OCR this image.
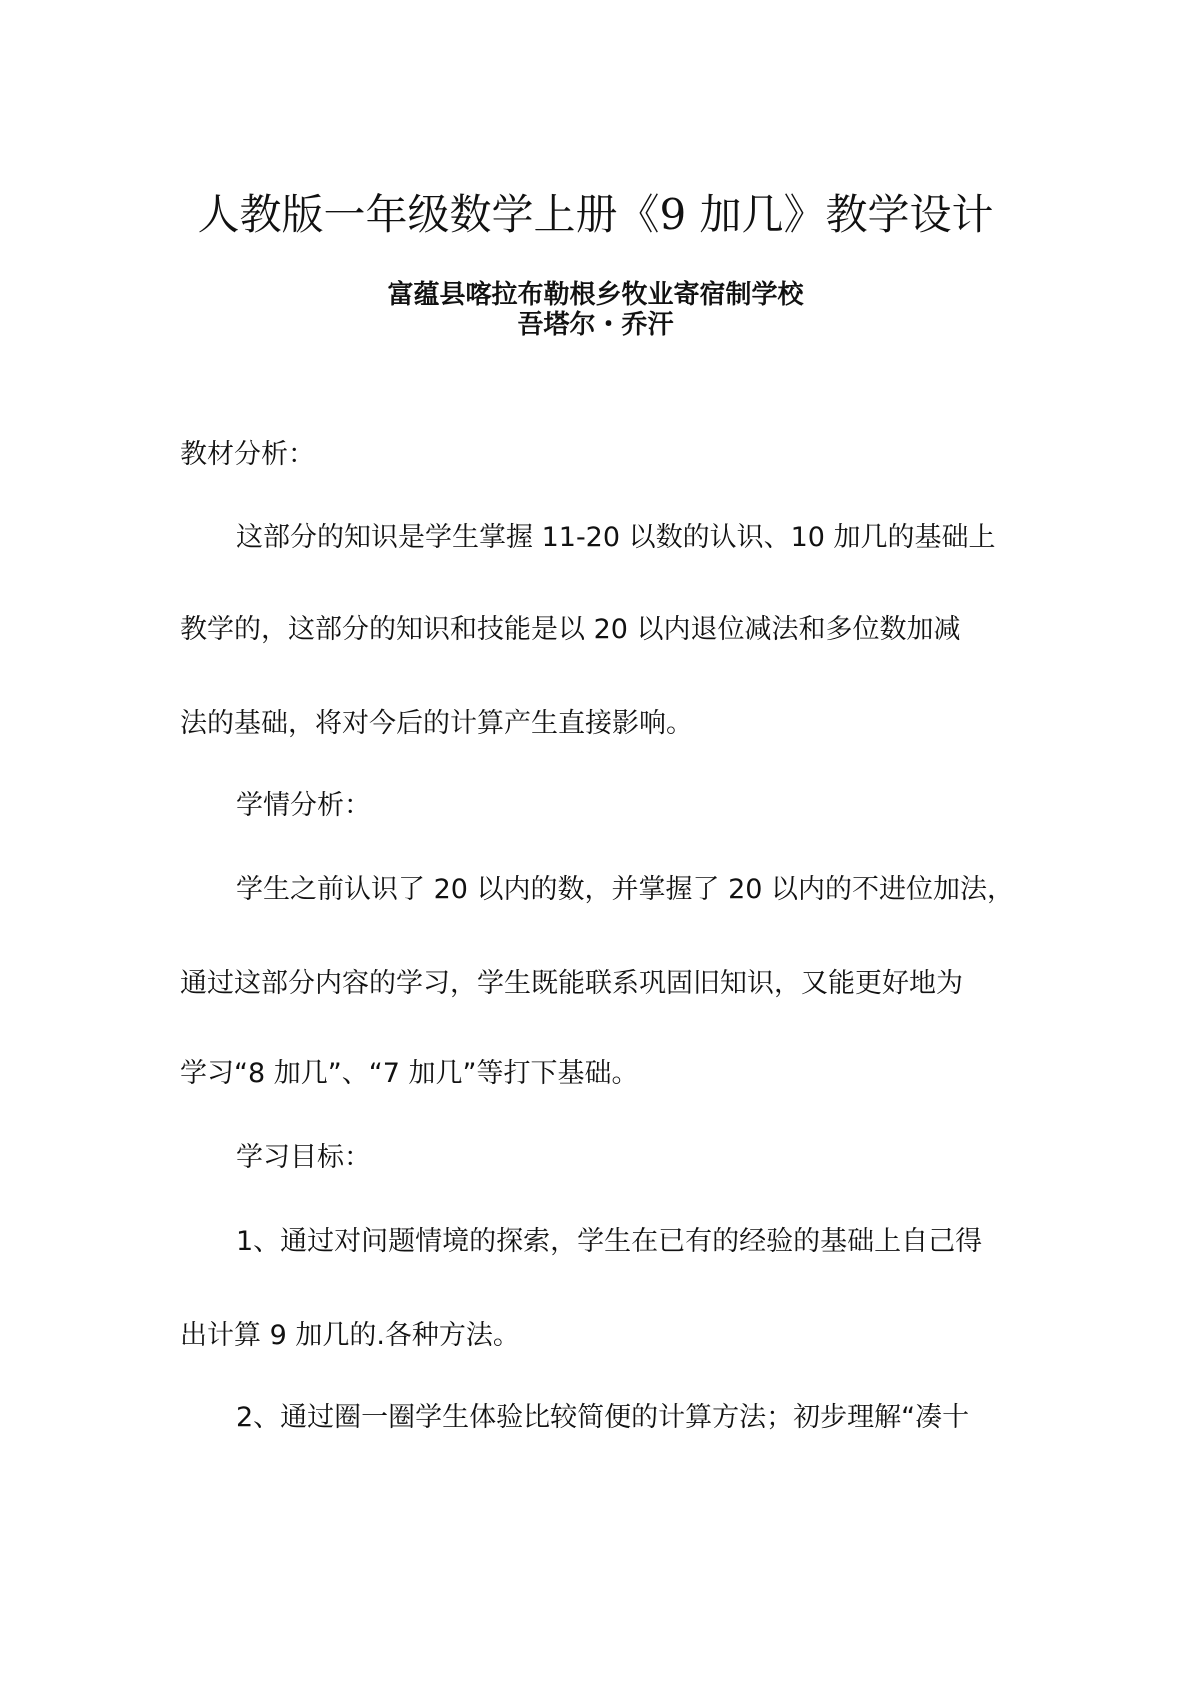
人教版一年级数学上册《9 加几》教学设计
富蕴县喀拉布勒根乡牧业寄宿制学校
吾塔尔・乔汗
教材分析：
这部分的知识是学生掌握 11-20 以数的认识、10 加几的基础上
教学的，这部分的知识和技能是以 20 以内退位减法和多位数加减
法的基础，将对今后的计算产生直接影响。
学情分析：
学生之前认识了 20 以内的数，并掌握了 20 以内的不进位加法，
通过这部分内容的学习，学生既能联系巩固旧知识，又能更好地为
学习“8 加几”、“7 加几”等打下基础。
学习目标：
1、通过对问题情境的探索，学生在已有的经验的基础上自己得
出计算 9 加几的.各种方法。
2、通过圈一圈学生体验比较简便的计算方法；初步理解“凑十
